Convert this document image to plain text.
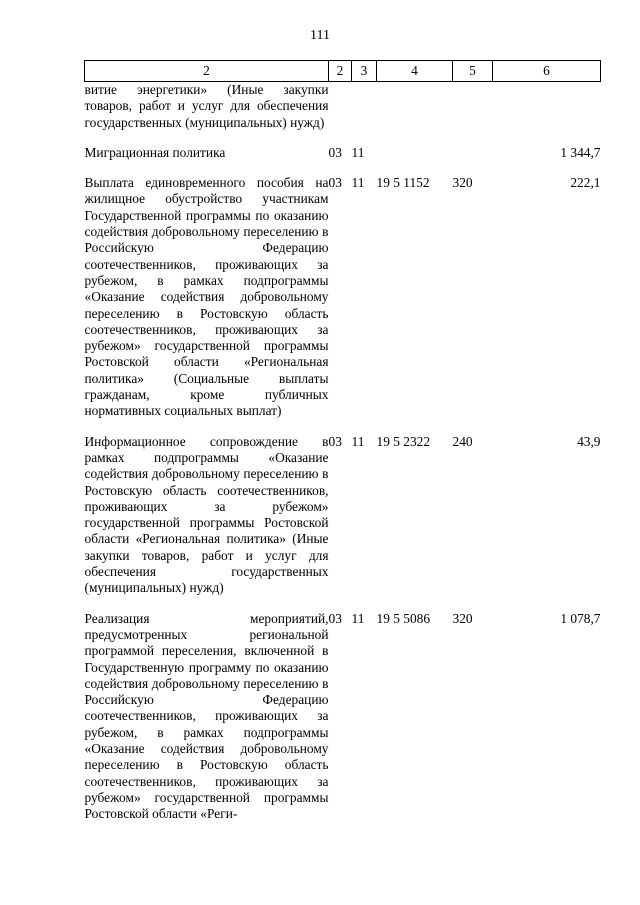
111
2	2	3	4	5	6
витие энергетики» (Иные закупки товаров, работ и услуг для обеспечения государственных (муниципальных) нужд)					

Миграционная политика	03	11			1 344,7

Выплата единовременного пособия на жилищное обустройство участникам Государственной программы по оказанию содействия добровольному переселению в Российскую Федерацию соотечественников, проживающих за рубежом, в рамках подпрограммы «Оказание содействия добровольному переселению в Ростовскую область соотечественников, проживающих за рубежом» государственной программы Ростовской области «Региональная политика» (Социальные выплаты гражданам, кроме публичных нормативных социальных выплат)	03	11	19 5 1152	320	222,1

Информационное сопровождение в рамках подпрограммы «Оказание содействия добровольному переселению в Ростовскую область соотечественников, проживающих за рубежом» государственной программы Ростовской области «Региональная политика» (Иные закупки товаров, работ и услуг для обеспечения государственных (муниципальных) нужд)	03	11	19 5 2322	240	43,9

Реализация мероприятий, предусмотренных региональной программой переселения, включенной в Государственную программу по оказанию содействия добровольному переселению в Российскую Федерацию соотечественников, проживающих за рубежом, в рамках подпрограммы «Оказание содействия добровольному переселению в Ростовскую область соотечественников, проживающих за рубежом» государственной программы Ростовской области «Реги-	03	11	19 5 5086	320	1 078,7
